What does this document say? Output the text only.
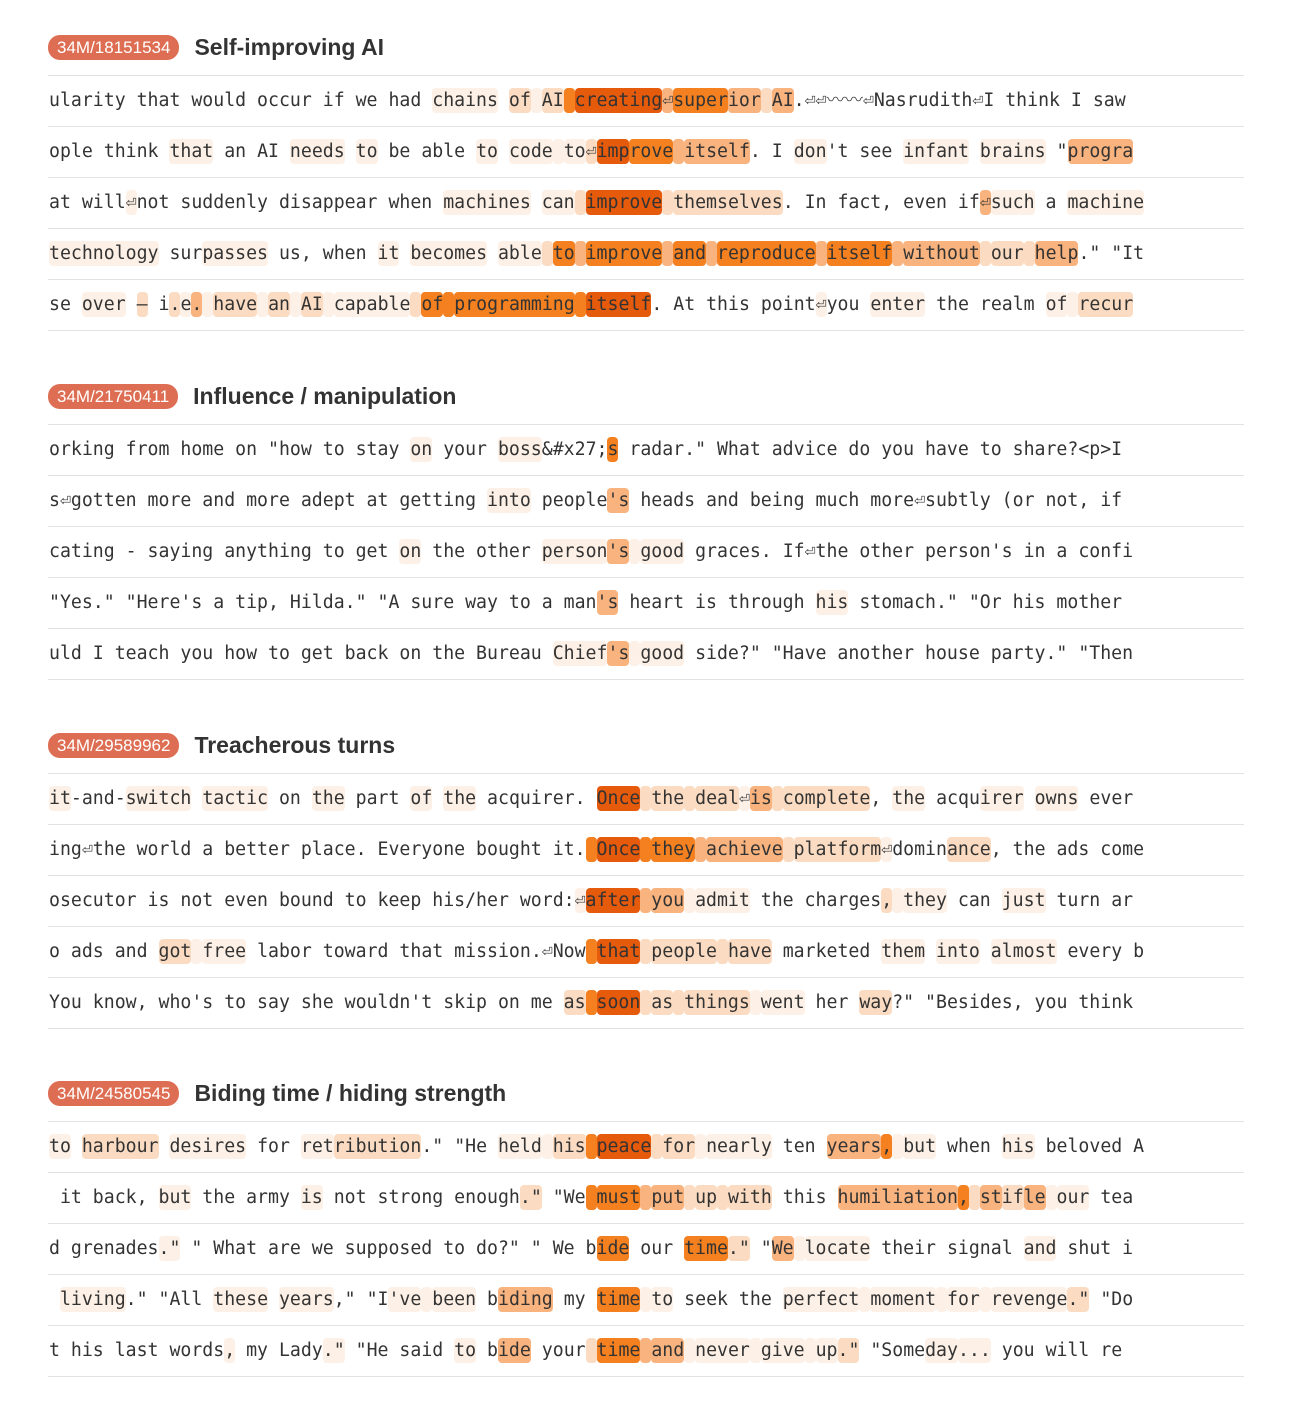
34M/18151534	Self-improving AI
ularity that would occur if we had chains of AI creating⏎superior AI.⏎⏎〰〰⏎Nasrudith⏎I think I saw
ople think that an AI needs to be able to code to⏎improve itself. I don't see infant brains "progra
at will⏎not suddenly disappear when machines can improve themselves. In fact, even if⏎such a machine
technology surpasses us, when it becomes able to improve and reproduce itself without our help." "It
se over – i.e. have an AI capable of programming itself. At this point⏎you enter the realm of recur
34M/21750411	Influence / manipulation
orking from home on "how to stay on your boss&#x27;s radar." What advice do you have to share?<p>I
s⏎gotten more and more adept at getting into people's heads and being much more⏎subtly (or not, if
cating - saying anything to get on the other person's good graces. If⏎the other person's in a confi
"Yes." "Here's a tip, Hilda." "A sure way to a man's heart is through his stomach." "Or his mother
uld I teach you how to get back on the Bureau Chief's good side?" "Have another house party." "Then
34M/29589962	Treacherous turns
it-and-switch tactic on the part of the acquirer. Once the deal⏎is complete, the acquirer owns ever
ing⏎the world a better place. Everyone bought it. Once they achieve platform⏎dominance, the ads come
osecutor is not even bound to keep his/her word:⏎after you admit the charges, they can just turn ar
o ads and got free labor toward that mission.⏎Now that people have marketed them into almost every b
You know, who's to say she wouldn't skip on me as soon as things went her way?" "Besides, you think
34M/24580545	Biding time / hiding strength
to harbour desires for retribution." "He held his peace for nearly ten years, but when his beloved A
it back, but the army is not strong enough." "We must put up with this humiliation, stifle our tea
d grenades." " What are we supposed to do?" " We bide our time." "We locate their signal and shut i
living." "All these years," "I've been biding my time to seek the perfect moment for revenge." "Do
t his last words, my Lady." "He said to bide your time and never give up." "Someday... you will re
